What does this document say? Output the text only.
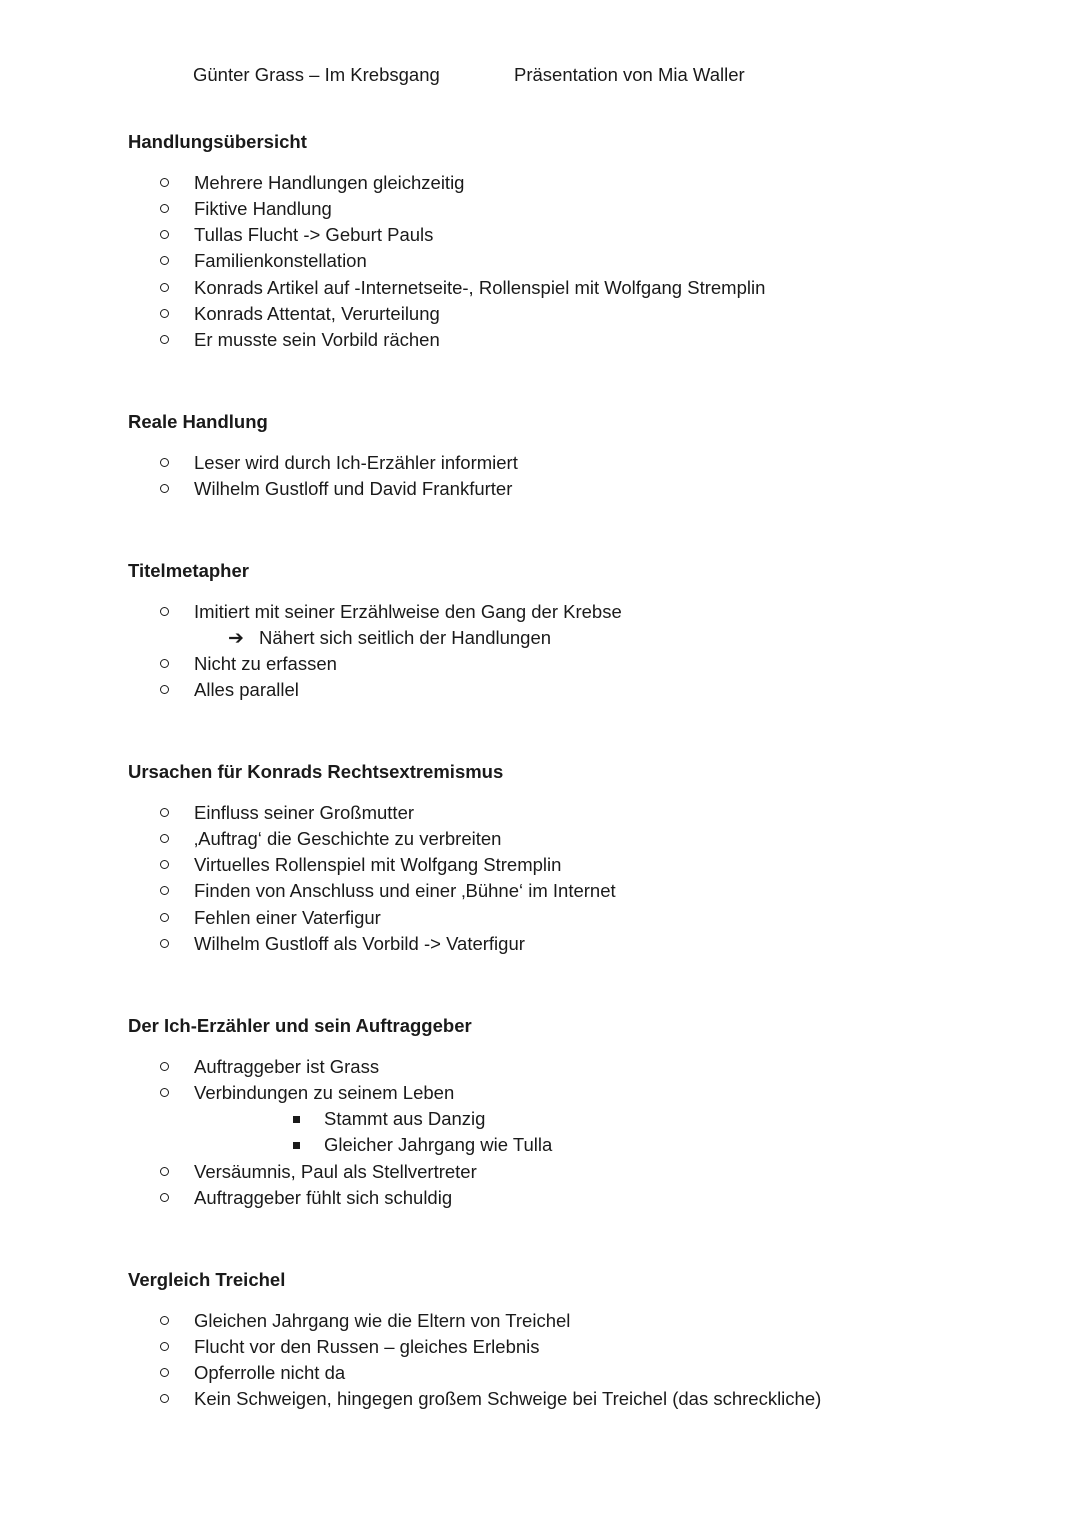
Günter Grass – Im Krebsgang	Präsentation von Mia Waller
Handlungsübersicht
Mehrere Handlungen gleichzeitig
Fiktive Handlung
Tullas Flucht -> Geburt Pauls
Familienkonstellation
Konrads Artikel auf -Internetseite-, Rollenspiel mit Wolfgang Stremplin
Konrads Attentat, Verurteilung
Er musste sein Vorbild rächen
Reale Handlung
Leser wird durch Ich-Erzähler informiert
Wilhelm Gustloff und David Frankfurter
Titelmetapher
Imitiert mit seiner Erzählweise den Gang der Krebse
➔ Nähert sich seitlich der Handlungen
Nicht zu erfassen
Alles parallel
Ursachen für Konrads Rechtsextremismus
Einfluss seiner Großmutter
‚Auftrag‘ die Geschichte zu verbreiten
Virtuelles Rollenspiel mit Wolfgang Stremplin
Finden von Anschluss und einer ‚Bühne‘ im Internet
Fehlen einer Vaterfigur
Wilhelm Gustloff als Vorbild -> Vaterfigur
Der Ich-Erzähler und sein Auftraggeber
Auftraggeber ist Grass
Verbindungen zu seinem Leben
Stammt aus Danzig
Gleicher Jahrgang wie Tulla
Versäumnis, Paul als Stellvertreter
Auftraggeber fühlt sich schuldig
Vergleich Treichel
Gleichen Jahrgang wie die Eltern von Treichel
Flucht vor den Russen – gleiches Erlebnis
Opferrolle nicht da
Kein Schweigen, hingegen großem Schweige bei Treichel (das schreckliche)
